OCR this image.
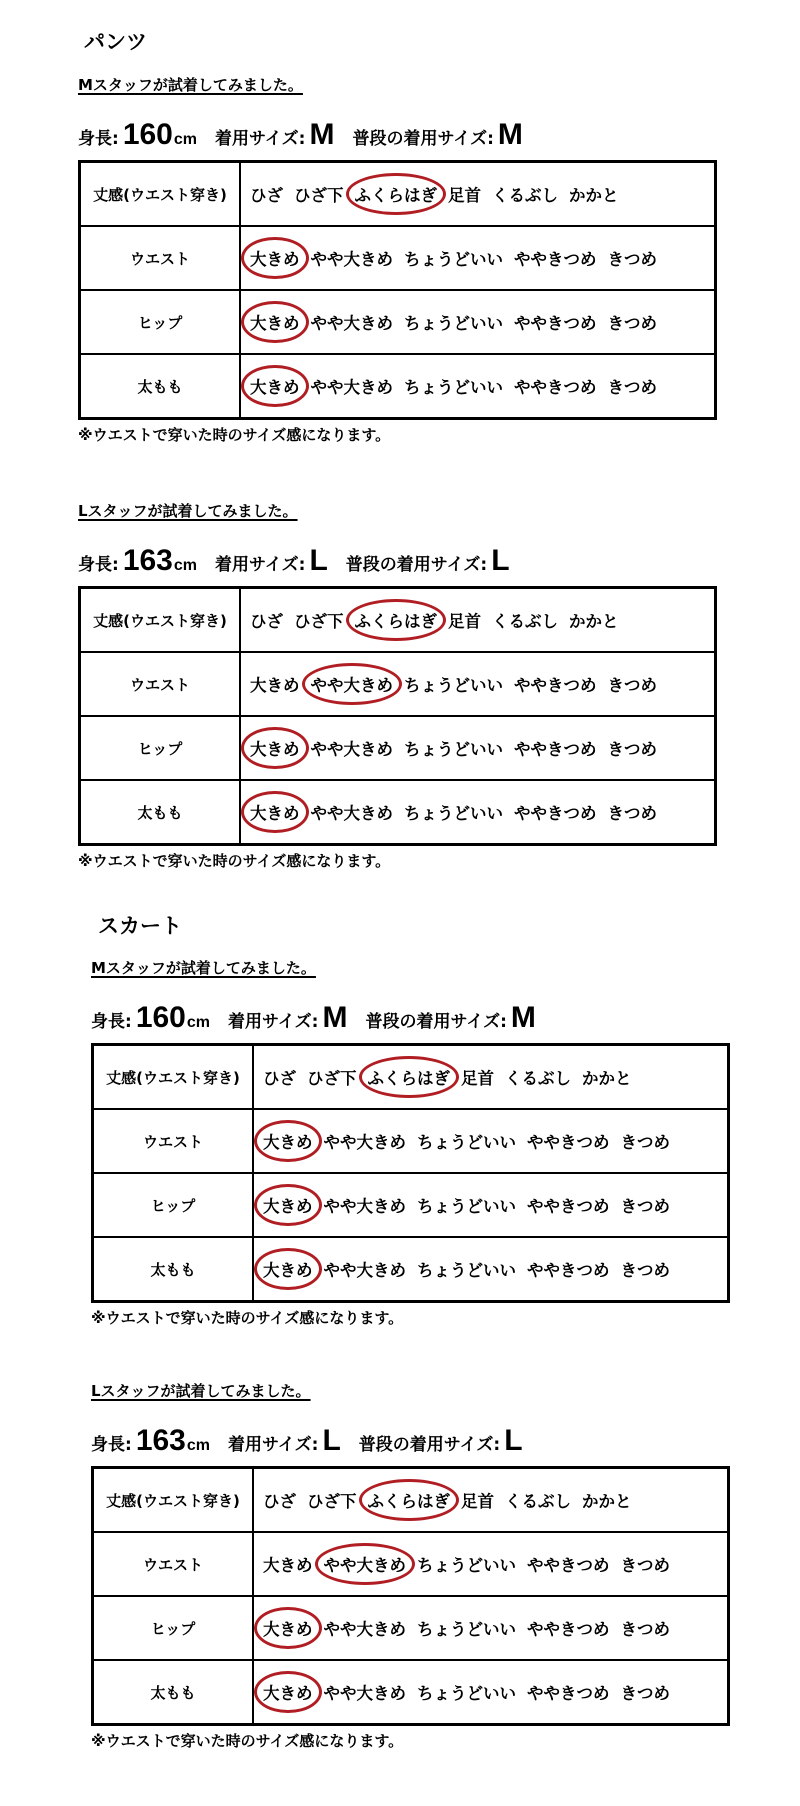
パンツ
Mスタッフが試着してみました。
身長 : 160 cm 着用サイズ : M 普段の着用サイズ : M
丈感(ウエスト穿き)	ひざ ひざ下 ふくらはぎ 足首 くるぶし かかと
ウエスト	大きめ やや大きめ ちょうどいい ややきつめ きつめ
ヒップ	大きめ やや大きめ ちょうどいい ややきつめ きつめ
太もも	大きめ やや大きめ ちょうどいい ややきつめ きつめ
※ウエストで穿いた時のサイズ感になります。
Lスタッフが試着してみました。
身長 : 163 cm 着用サイズ : L 普段の着用サイズ : L
丈感(ウエスト穿き)	ひざ ひざ下 ふくらはぎ 足首 くるぶし かかと
ウエスト	大きめ やや大きめ ちょうどいい ややきつめ きつめ
ヒップ	大きめ やや大きめ ちょうどいい ややきつめ きつめ
太もも	大きめ やや大きめ ちょうどいい ややきつめ きつめ
※ウエストで穿いた時のサイズ感になります。
スカート
Mスタッフが試着してみました。
身長 : 160 cm 着用サイズ : M 普段の着用サイズ : M
丈感(ウエスト穿き)	ひざ ひざ下 ふくらはぎ 足首 くるぶし かかと
ウエスト	大きめ やや大きめ ちょうどいい ややきつめ きつめ
ヒップ	大きめ やや大きめ ちょうどいい ややきつめ きつめ
太もも	大きめ やや大きめ ちょうどいい ややきつめ きつめ
※ウエストで穿いた時のサイズ感になります。
Lスタッフが試着してみました。
身長 : 163 cm 着用サイズ : L 普段の着用サイズ : L
丈感(ウエスト穿き)	ひざ ひざ下 ふくらはぎ 足首 くるぶし かかと
ウエスト	大きめ やや大きめ ちょうどいい ややきつめ きつめ
ヒップ	大きめ やや大きめ ちょうどいい ややきつめ きつめ
太もも	大きめ やや大きめ ちょうどいい ややきつめ きつめ
※ウエストで穿いた時のサイズ感になります。
